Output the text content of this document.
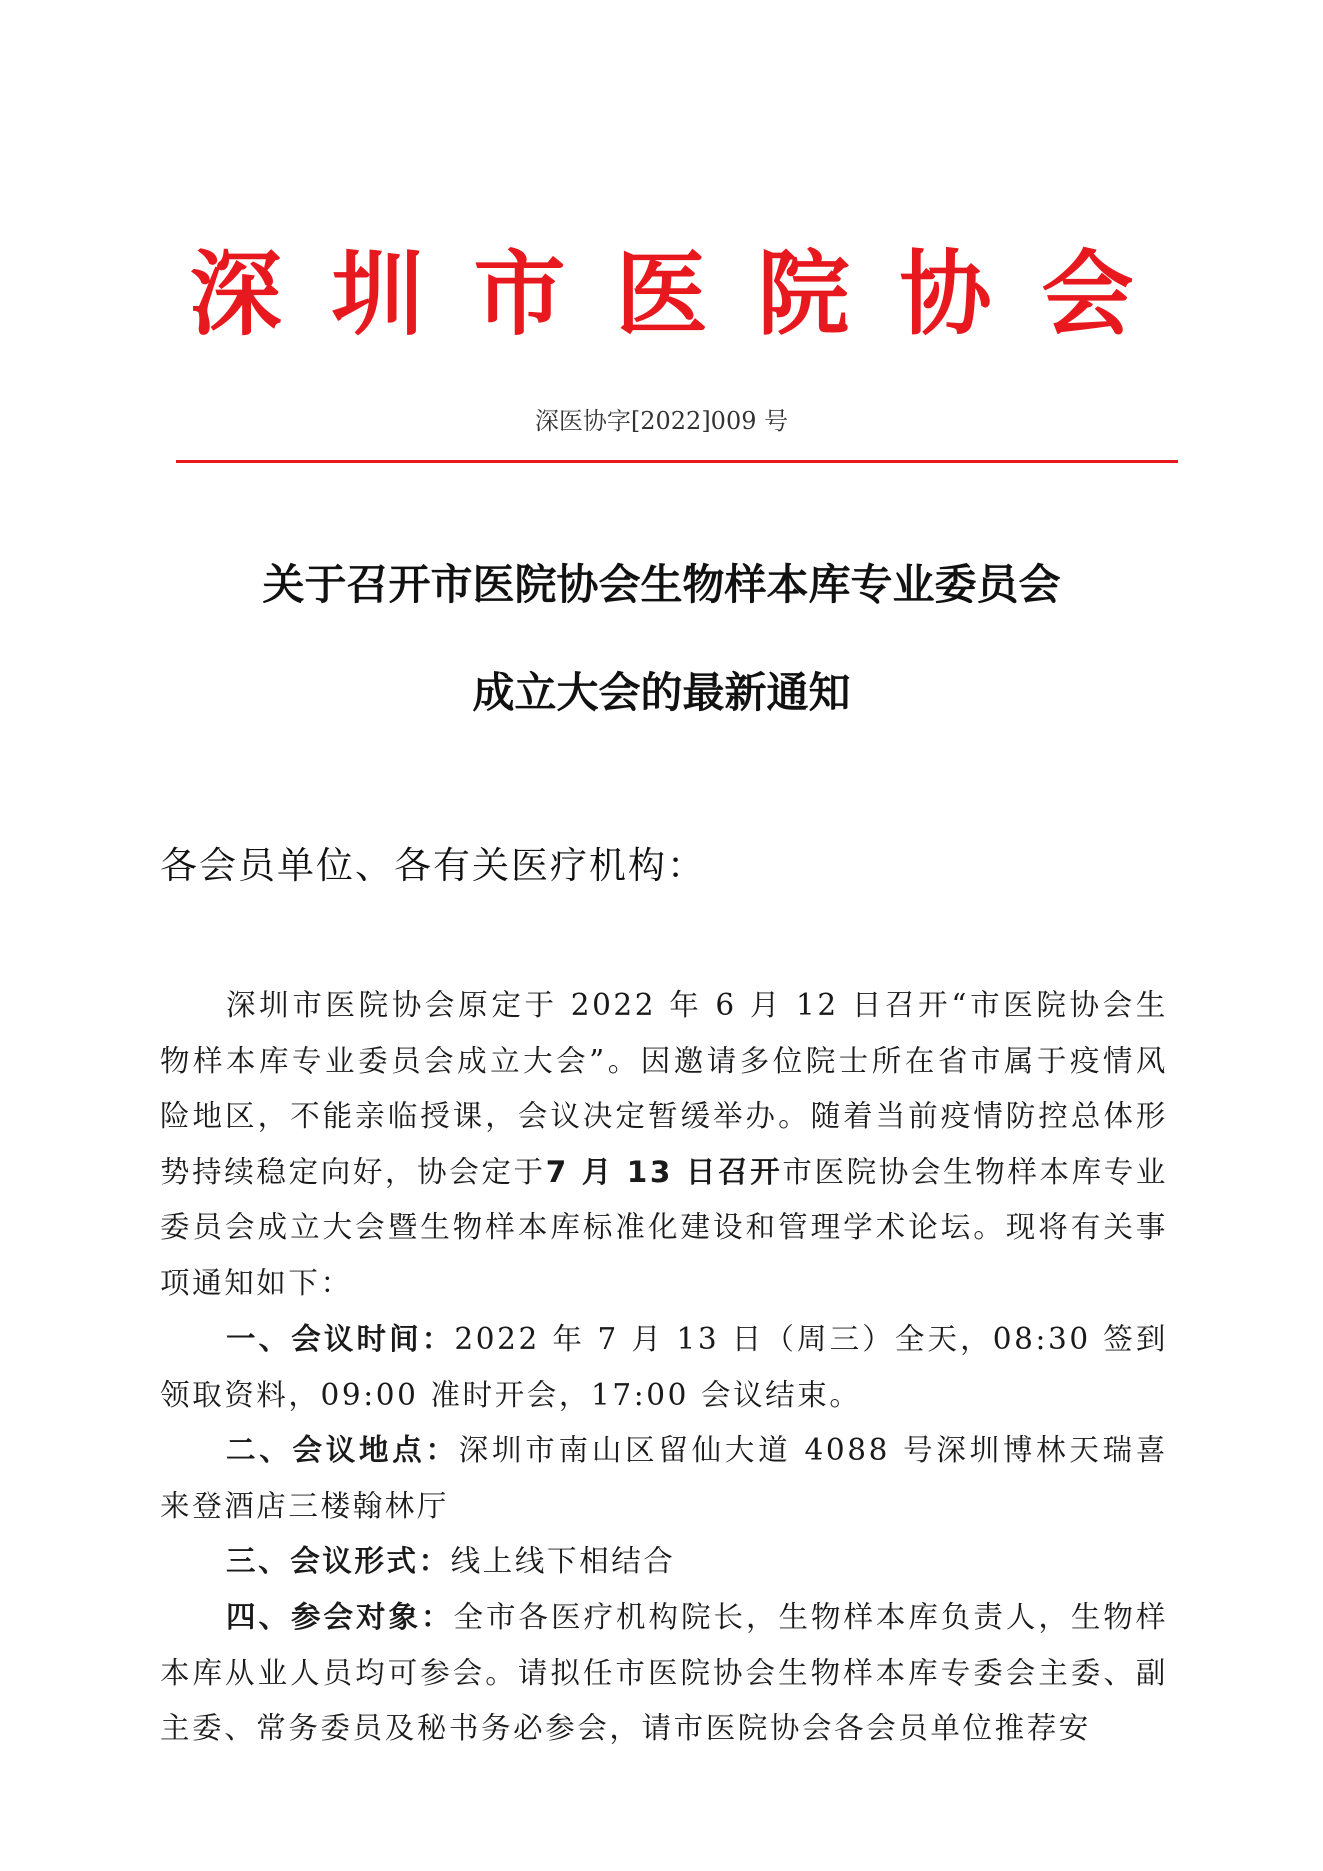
深圳市医院协会
深医协字[2022]009 号
关于召开市医院协会生物样本库专业委员会
成立大会的最新通知
各会员单位、各有关医疗机构：

深圳市医院协会原定于 2022 年 6 月 12 日召开“市医院协会生物样本库专业委员会成立大会”。因邀请多位院士所在省市属于疫情风险地区，不能亲临授课，会议决定暂缓举办。随着当前疫情防控总体形势持续稳定向好，协会定于7 月 13 日召开市医院协会生物样本库专业委员会成立大会暨生物样本库标准化建设和管理学术论坛。现将有关事项通知如下：

一、会议时间：2022 年 7 月 13 日（周三）全天，08:30 签到领取资料，09:00 准时开会，17:00 会议结束。

二、会议地点：深圳市南山区留仙大道 4088 号深圳博林天瑞喜来登酒店三楼翰林厅

三、会议形式：线上线下相结合

四、参会对象：全市各医疗机构院长，生物样本库负责人，生物样本库从业人员均可参会。请拟任市医院协会生物样本库专委会主委、副主委、常务委员及秘书务必参会，请市医院协会各会员单位推荐安
